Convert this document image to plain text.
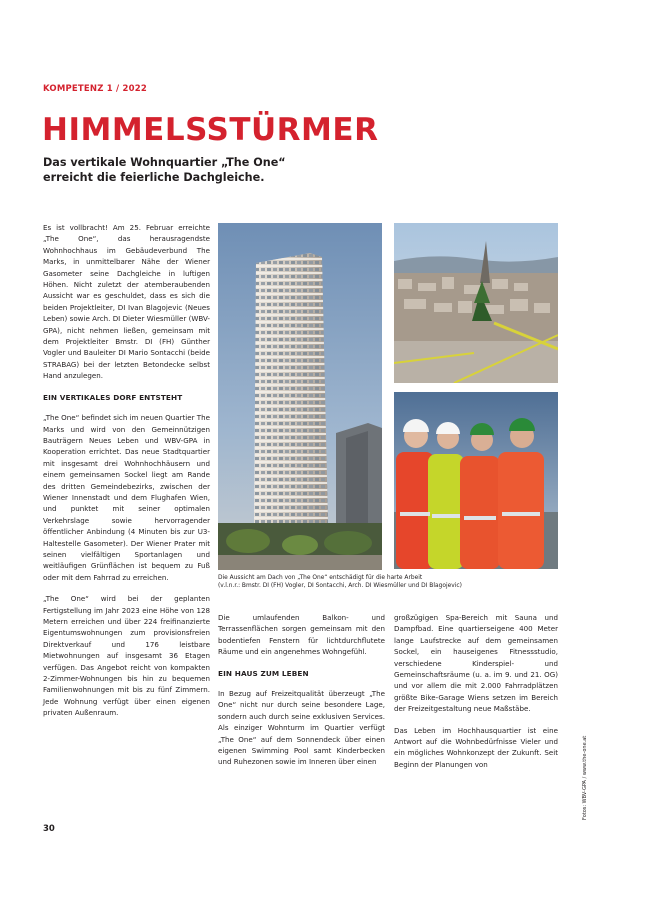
KOMPETENZ 1 / 2022
HIMMELSSTÜRMER
Das vertikale Wohnquartier „The One“
erreicht die feierliche Dachgleiche.

Es ist vollbracht! Am 25. Februar erreichte „The One“, das herausragendste Wohnhochhaus im Gebäudeverbund The Marks, in unmittelbarer Nähe der Wiener Gasometer seine Dachgleiche in luftigen Höhen. Nicht zuletzt der atemberaubenden Aussicht war es geschuldet, dass es sich die beiden Projektleiter, DI Ivan Blagojevic (Neues Leben) sowie Arch. DI Dieter Wiesmüller (WBV-GPA), nicht nehmen ließen, gemeinsam mit dem Projektleiter Bmstr. DI (FH) Günther Vogler und Bauleiter DI Mario Sontacchi (beide STRABAG) bei der letzten Betondecke selbst Hand anzulegen.

EIN VERTIKALES DORF ENTSTEHT

„The One“ befindet sich im neuen Quartier The Marks und wird von den Gemeinnützigen Bauträgern Neues Leben und WBV-GPA in Kooperation errichtet. Das neue Stadtquartier mit insgesamt drei Wohnhochhäusern und einem gemeinsamen Sockel liegt am Rande des dritten Gemeindebezirks, zwischen der Wiener Innenstadt und dem Flughafen Wien, und punktet mit seiner optimalen Verkehrslage sowie hervorragender öffentlicher Anbindung (4 Minuten bis zur U3-Haltestelle Gasometer). Der Wiener Prater mit seinen vielfältigen Sportanlagen und weitläufigen Grünflächen ist bequem zu Fuß oder mit dem Fahrrad zu erreichen.

„The One“ wird bei der geplanten Fertigstellung im Jahr 2023 eine Höhe von 128 Metern erreichen und über 224 freifinanzierte Eigentumswohnungen zum provisionsfreien Direktverkauf und 176 leistbare Mietwohnungen auf insgesamt 36 Etagen verfügen. Das Angebot reicht von kompakten 2-Zimmer-Wohnungen bis hin zu bequemen Familienwohnungen mit bis zu fünf Zimmern. Jede Wohnung verfügt über einen eigenen privaten Außenraum.

Die Aussicht am Dach von „The One“ entschädigt für die harte Arbeit
(v.l.n.r.: Bmstr. DI (FH) Vogler, DI Sontacchi, Arch. DI Wiesmüller und DI Blagojevic)

Die umlaufenden Balkon- und Terrassenflächen sorgen gemeinsam mit den bodentiefen Fenstern für lichtdurchflutete Räume und ein angenehmes Wohngefühl.

EIN HAUS ZUM LEBEN

In Bezug auf Freizeitqualität überzeugt „The One“ nicht nur durch seine besondere Lage, sondern auch durch seine exklusiven Services. Als einziger Wohnturm im Quartier verfügt „The One“ auf dem Sonnendeck über einen eigenen Swimming Pool samt Kinderbecken und Ruhezonen sowie im Inneren über einen

großzügigen Spa-Bereich mit Sauna und Dampfbad. Eine quartierseigene 400 Meter lange Laufstrecke auf dem gemeinsamen Sockel, ein hauseigenes Fitnessstudio, verschiedene Kinderspiel- und Gemeinschaftsräume (u. a. im 9. und 21. OG) und vor allem die mit 2.000 Fahrradplätzen größte Bike-Garage Wiens setzen im Bereich der Freizeitgestaltung neue Maßstäbe.

Das Leben im Hochhausquartier ist eine Antwort auf die Wohnbedürfnisse Vieler und ein mögliches Wohnkonzept der Zukunft. Seit Beginn der Planungen von	Fotos: WBV-GPA / www.the-one.at
30
